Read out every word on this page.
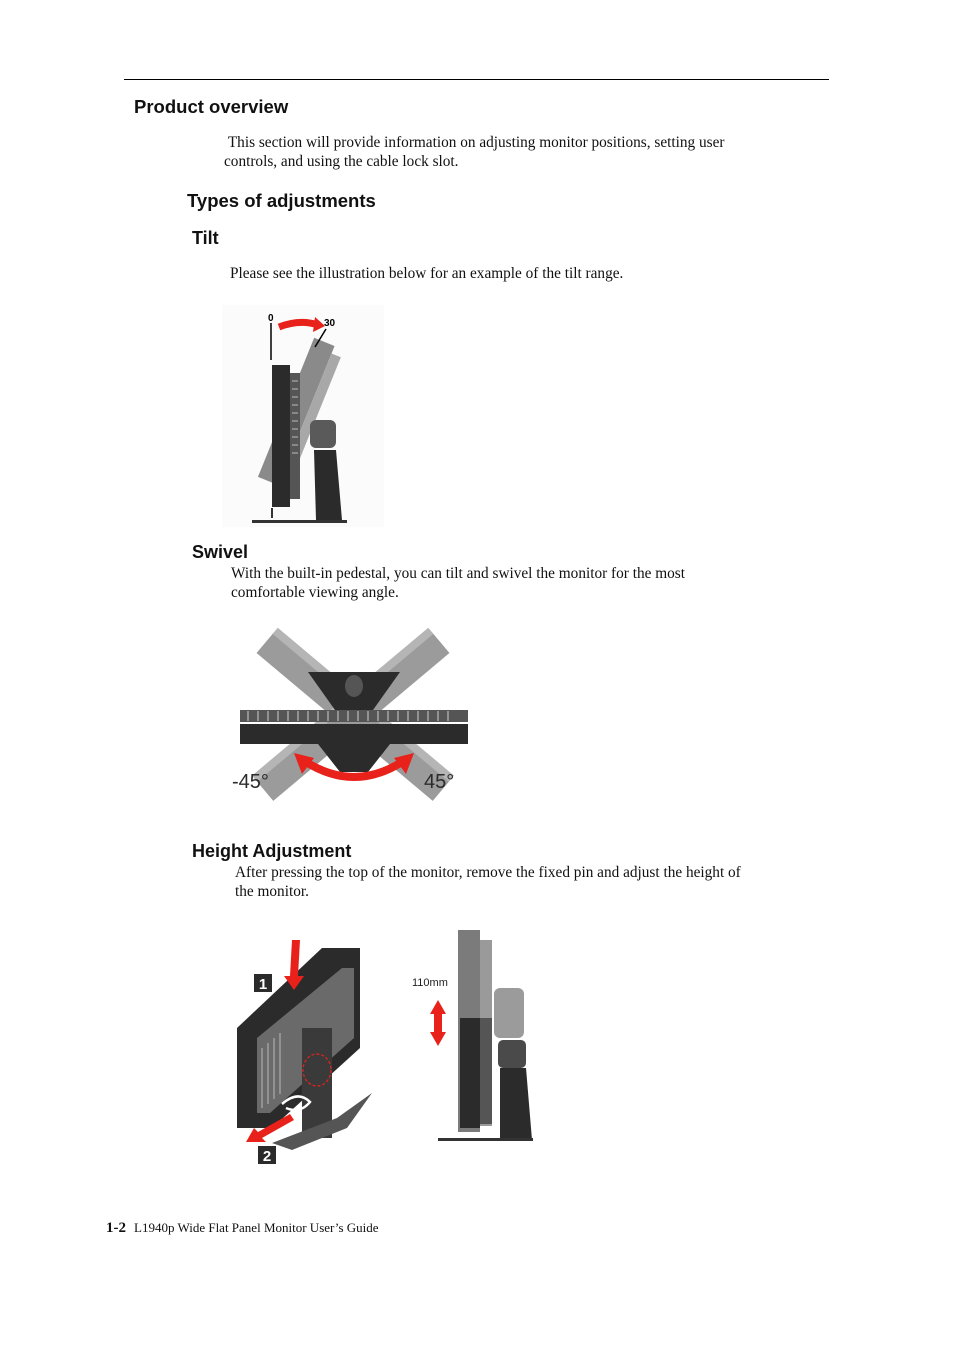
Product overview

This section will provide information on adjusting monitor positions, setting user
controls, and using the cable lock slot.

Types of adjustments
Tilt

Please see the illustration below for an example of the tilt range.

0	30
Swivel

With the built-in pedestal, you can tilt and swivel the monitor for the most
comfortable viewing angle.

-45°	45°
Height Adjustment

After pressing the top of the monitor, remove the fixed pin and adjust the height of
the monitor.

1
2
110mm
1-2 L1940p Wide Flat Panel Monitor User’s Guide
